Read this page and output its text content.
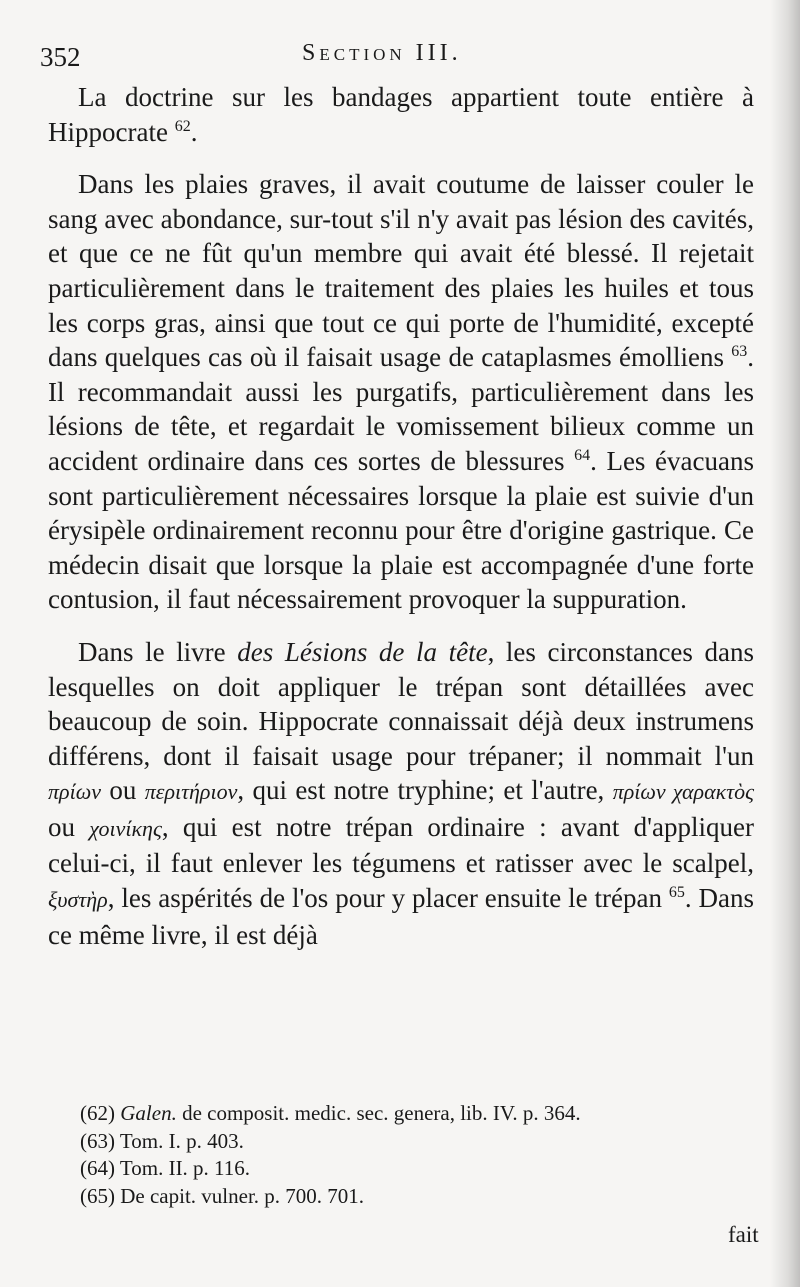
352	Section III.

La doctrine sur les bandages appartient toute entière à Hippocrate $^{62}$.

Dans les plaies graves, il avait coutume de laisser couler le sang avec abondance, sur-tout s'il n'y avait pas lésion des cavités, et que ce ne fût qu'un membre qui avait été blessé. Il rejetait particulièrement dans le traitement des plaies les huiles et tous les corps gras, ainsi que tout ce qui porte de l'humidité, excepté dans quelques cas où il faisait usage de cataplasmes émolliens $^{63}$. Il recommandait aussi les purgatifs, particulièrement dans les lésions de tête, et regardait le vomissement bilieux comme un accident ordinaire dans ces sortes de blessures $^{64}$. Les évacuans sont particulièrement nécessaires lorsque la plaie est suivie d'un érysipèle ordinairement reconnu pour être d'origine gastrique. Ce médecin disait que lorsque la plaie est accompagnée d'une forte contusion, il faut nécessairement provoquer la suppuration.

Dans le livre des Lésions de la tête, les circonstances dans lesquelles on doit appliquer le trépan sont détaillées avec beaucoup de soin. Hippocrate connaissait déjà deux instrumens différens, dont il faisait usage pour trépaner; il nommait l'un πρίων ou περιτήριον, qui est notre tryphine; et l'autre, πρίων χαρακτὸς ou χοινίκης, qui est notre trépan ordinaire : avant d'appliquer celui-ci, il faut enlever les tégumens et ratisser avec le scalpel, ξυστὴρ, les aspérités de l'os pour y placer ensuite le trépan $^{65}$. Dans ce même livre, il est déjà

(62) Galen. de composit. medic. sec. genera, lib. IV. p. 364.
(63) Tom. I. p. 403.
(64) Tom. II. p. 116.
(65) De capit. vulner. p. 700. 701.
fait
